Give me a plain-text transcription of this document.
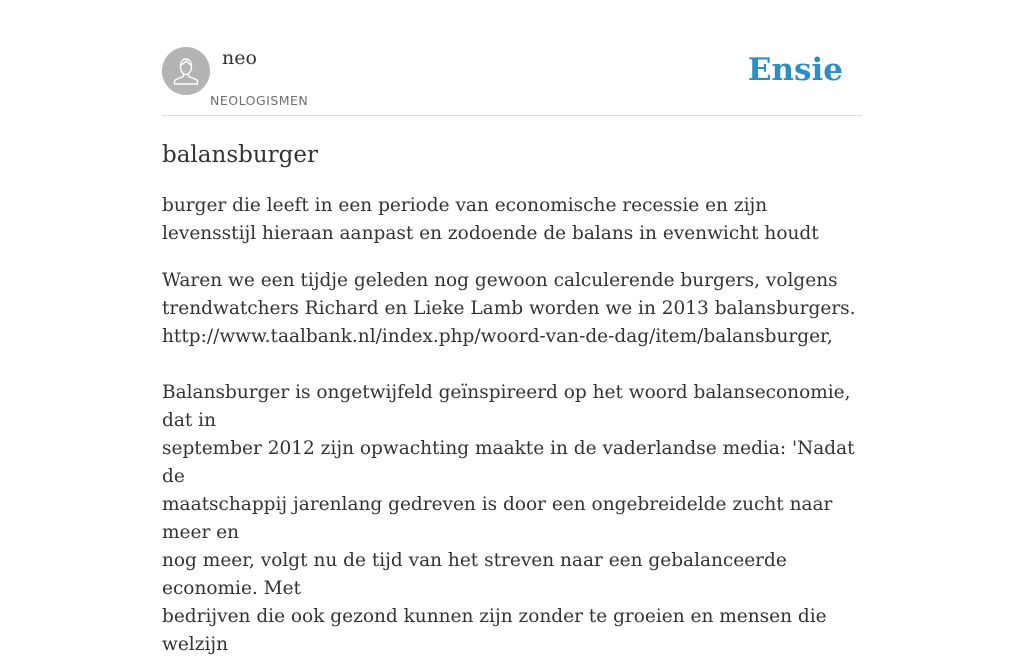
neo
NEOLOGISMEN
Ensie
balansburger

burger die leeft in een periode van economische recessie en zijn levensstijl hieraan aanpast en zodoende de balans in evenwicht houdt

Waren we een tijdje geleden nog gewoon calculerende burgers, volgens

trendwatchers Richard en Lieke Lamb worden we in 2013 balansburgers.

http://www.taalbank.nl/index.php/woord-van-de-dag/item/balansburger,

Balansburger is ongetwijfeld geïnspireerd op het woord balanseconomie, dat in

september 2012 zijn opwachting maakte in de vaderlandse media: 'Nadat de

maatschappij jarenlang gedreven is door een ongebreidelde zucht naar meer en

nog meer, volgt nu de tijd van het streven naar een gebalanceerde economie. Met

bedrijven die ook gezond kunnen zijn zonder te groeien en mensen die welzijn
